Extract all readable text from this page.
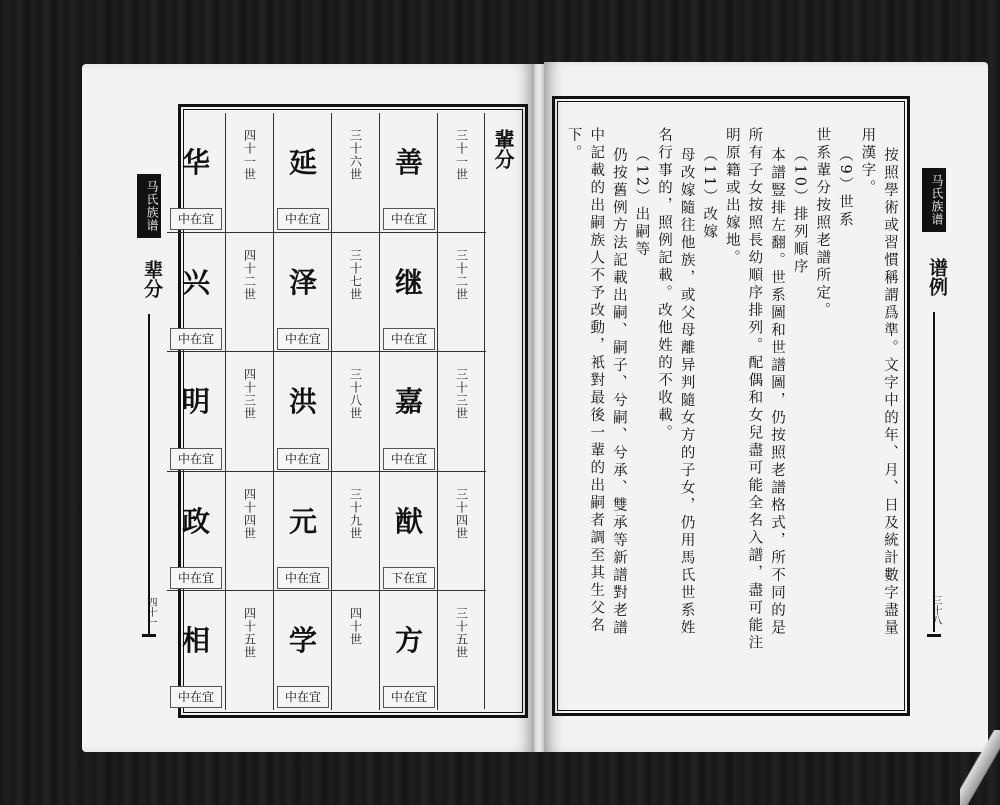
马氏族谱
辈分
四十一
輩分
三十一世
善
中在宜
三十二世
继
中在宜
三十三世
嘉
中在宜
三十四世
猷
下在宜
三十五世
方
中在宜
三十六世
延
中在宜
三十七世
泽
中在宜
三十八世
洪
中在宜
三十九世
元
中在宜
四十世
学
中在宜
四十一世
华
中在宜
四十二世
兴
中在宜
四十三世
明
中在宜
四十四世
政
中在宜
四十五世
相
中在宜
按照學術或習慣稱謂爲準。文字中的年、月、日及統計數字盡量
用漢字。
（9）世系
世系輩分按照老譜所定。
（10）排列順序
本譜豎排左翻。世系圖和世譜圖，仍按照老譜格式，所不同的是
所有子女按照長幼順序排列。配偶和女兒盡可能全名入譜，盡可能注
明原籍或出嫁地。
（11）改嫁
母改嫁隨往他族，或父母離异判隨女方的子女，仍用馬氏世系姓
名行事的，照例記載。改他姓的不收載。
（12）出嗣等
仍按舊例方法記載出嗣、嗣子、兮嗣、兮承、雙承等新譜對老譜
中記載的出嗣族人不予改動，衹對最後一輩的出嗣者調至其生父名
下。
马氏族谱
谱例
三十八
